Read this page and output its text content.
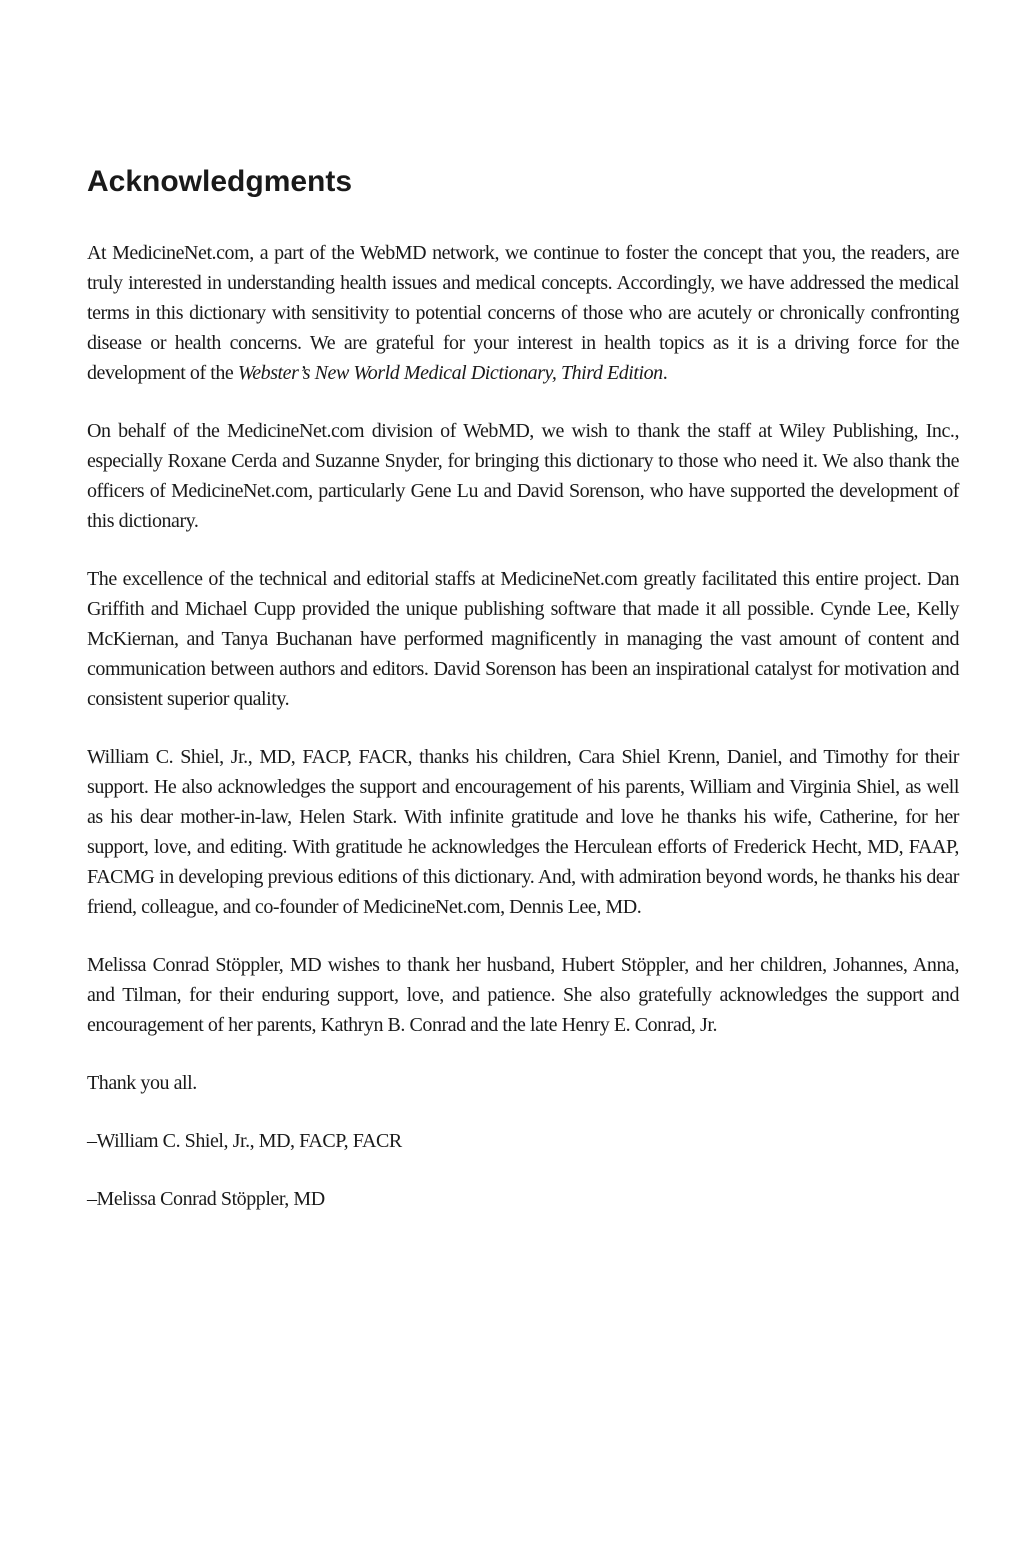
Acknowledgments

At MedicineNet.com, a part of the WebMD network, we continue to foster the concept that you, the readers, are truly interested in understanding health issues and medical concepts. Accordingly, we have addressed the medical terms in this dictionary with sensitivity to potential concerns of those who are acutely or chronically confronting disease or health concerns. We are grateful for your interest in health topics as it is a driving force for the development of the Webster’s New World Medical Dictionary, Third Edition.

On behalf of the MedicineNet.com division of WebMD, we wish to thank the staff at Wiley Publishing, Inc., especially Roxane Cerda and Suzanne Snyder, for bringing this dictionary to those who need it. We also thank the officers of MedicineNet.com, particularly Gene Lu and David Sorenson, who have supported the development of this dictionary.

The excellence of the technical and editorial staffs at MedicineNet.com greatly facilitated this entire project. Dan Griffith and Michael Cupp provided the unique publishing software that made it all possible. Cynde Lee, Kelly McKiernan, and Tanya Buchanan have performed magnificently in managing the vast amount of content and communication between authors and editors. David Sorenson has been an inspirational catalyst for motivation and consistent superior quality.

William C. Shiel, Jr., MD, FACP, FACR, thanks his children, Cara Shiel Krenn, Daniel, and Timothy for their support. He also acknowledges the support and encouragement of his parents, William and Virginia Shiel, as well as his dear mother-in-law, Helen Stark. With infinite gratitude and love he thanks his wife, Catherine, for her support, love, and editing. With gratitude he acknowledges the Herculean efforts of Frederick Hecht, MD, FAAP, FACMG in developing previous editions of this dictionary. And, with admiration beyond words, he thanks his dear friend, colleague, and co-founder of MedicineNet.com, Dennis Lee, MD.

Melissa Conrad Stöppler, MD wishes to thank her husband, Hubert Stöppler, and her children, Johannes, Anna, and Tilman, for their enduring support, love, and patience. She also gratefully acknowledges the support and encouragement of her parents, Kathryn B. Conrad and the late Henry E. Conrad, Jr.

Thank you all.

–William C. Shiel, Jr., MD, FACP, FACR

–Melissa Conrad Stöppler, MD
